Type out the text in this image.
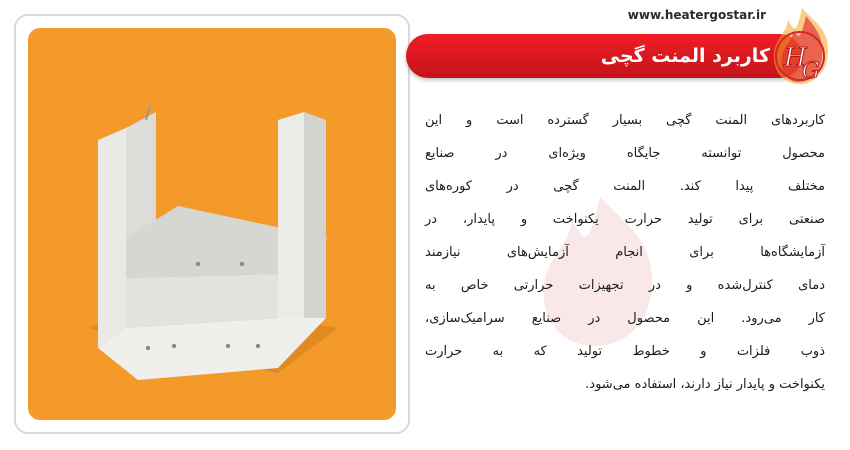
www.heatergostar.ir
کاربرد المنت گچی H
G
کاربردهای المنت گچی بسیار گسترده است و این
محصول توانسته جایگاه ویژه‌ای در صنایع
مختلف پیدا کند. المنت گچی در کوره‌های
صنعتی برای تولید حرارت یکنواخت و پایدار، در
آزمایشگاه‌ها برای انجام آزمایش‌های نیازمند
دمای کنترل‌شده و در تجهیزات حرارتی خاص به
کار می‌رود. این محصول در صنایع سرامیک‌سازی،
ذوب فلزات و خطوط تولید که به حرارت
یکنواخت و پایدار نیاز دارند، استفاده می‌شود.
